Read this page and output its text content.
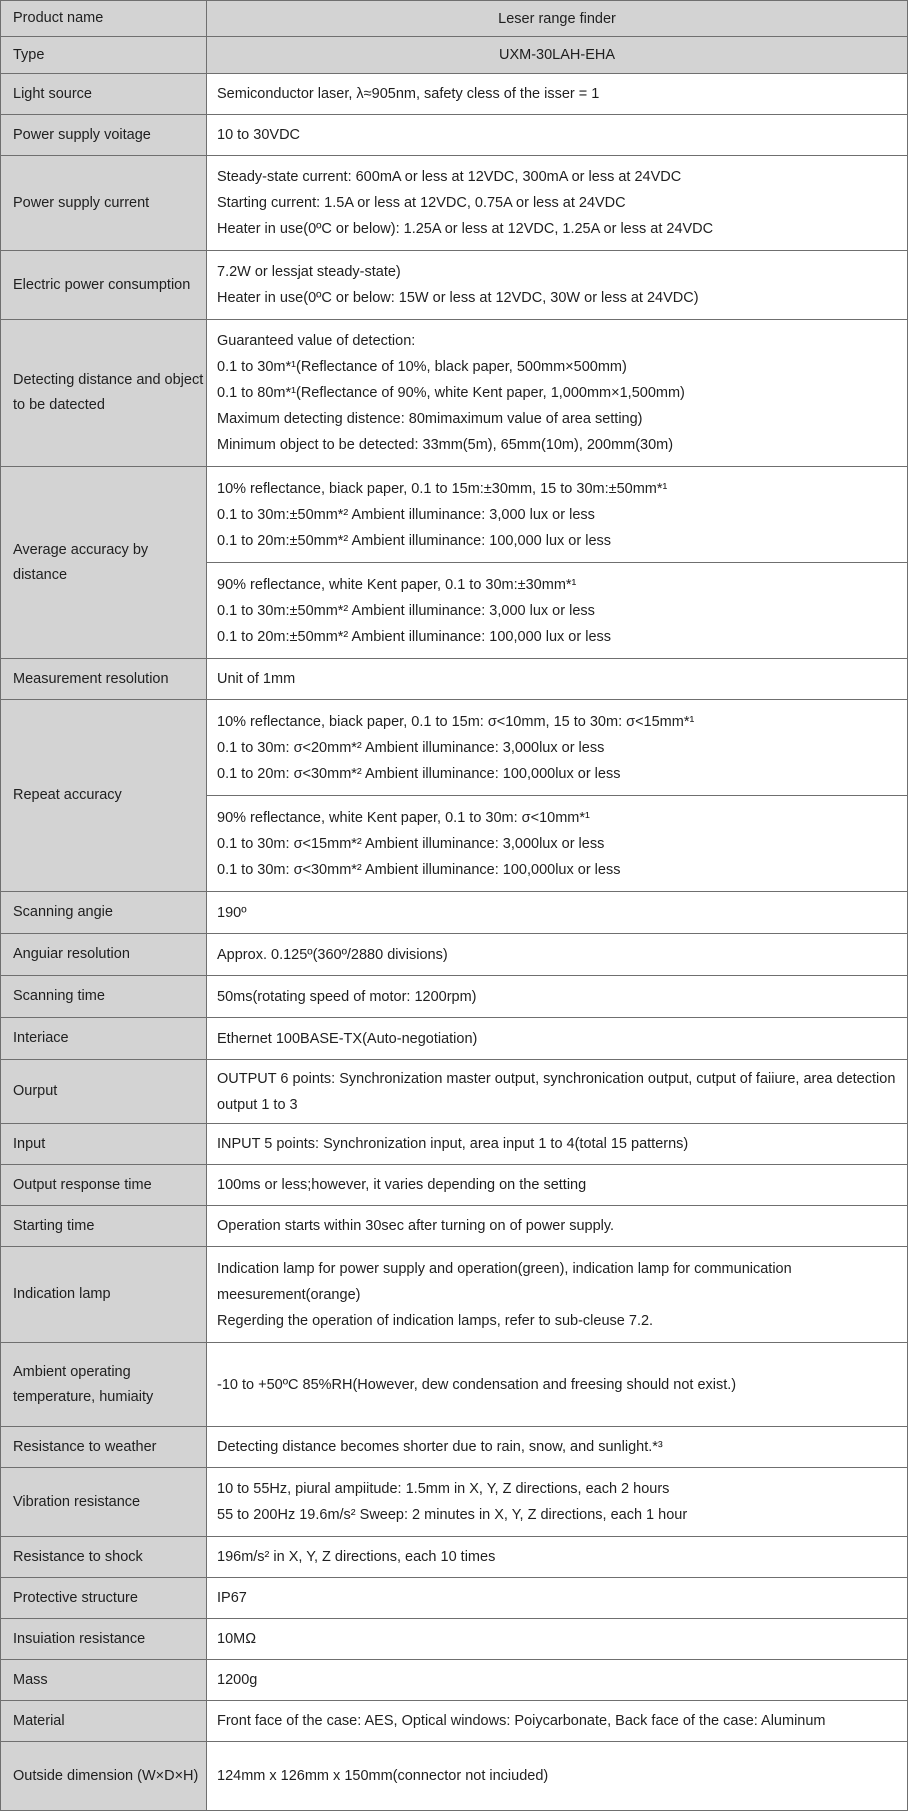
Product name	Leser range finder

Type	UXM-30LAH-EHA

Light source	Semiconductor laser, λ≈905nm, safety cless of the isser = 1

Power supply voitage	10 to 30VDC

Power supply current	Steady-state current: 600mA or less at 12VDC, 300mA or less at 24VDC
Starting current: 1.5A or less at 12VDC, 0.75A or less at 24VDC
Heater in use(0ºC or below): 1.25A or less at 12VDC, 1.25A or less at 24VDC

Electric power consumption	7.2W or lessjat steady-state)
Heater in use(0ºC or below: 15W or less at 12VDC, 30W or less at 24VDC)

Detecting distance and object to be datected	Guaranteed value of detection:
0.1 to 30m*¹(Reflectance of 10%, black paper, 500mm×500mm)
0.1 to 80m*¹(Reflectance of 90%, white Kent paper, 1,000mm×1,500mm)
Maximum detecting distence: 80mimaximum value of area setting)
Minimum object to be detected: 33mm(5m), 65mm(10m), 200mm(30m)

Average accuracy by distance	10% reflectance, biack paper, 0.1 to 15m:±30mm, 15 to 30m:±50mm*¹
0.1 to 30m:±50mm*² Ambient illuminance: 3,000 lux or less
0.1 to 20m:±50mm*² Ambient illuminance: 100,000 lux or less

	90% reflectance, white Kent paper, 0.1 to 30m:±30mm*¹
0.1 to 30m:±50mm*² Ambient illuminance: 3,000 lux or less
0.1 to 20m:±50mm*² Ambient illuminance: 100,000 lux or less

Measurement resolution	Unit of 1mm

Repeat accuracy	10% reflectance, biack paper, 0.1 to 15m: σ<10mm, 15 to 30m: σ<15mm*¹
0.1 to 30m: σ<20mm*² Ambient illuminance: 3,000lux or less
0.1 to 20m: σ<30mm*² Ambient illuminance: 100,000lux or less

	90% reflectance, white Kent paper, 0.1 to 30m: σ<10mm*¹
0.1 to 30m: σ<15mm*² Ambient illuminance: 3,000lux or less
0.1 to 30m: σ<30mm*² Ambient illuminance: 100,000lux or less

Scanning angie	190º

Anguiar resolution	Approx. 0.125º(360º/2880 divisions)

Scanning time	50ms(rotating speed of motor: 1200rpm)

Interiace	Ethernet 100BASE-TX(Auto-negotiation)

Ourput	OUTPUT 6 points: Synchronization master output, synchronication output, cutput of faiiure, area detection output 1 to 3

Input	INPUT 5 points: Synchronization input, area input 1 to 4(total 15 patterns)

Output response time	100ms or less;however, it varies depending on the setting

Starting time	Operation starts within 30sec after turning on of power supply.

Indication lamp	Indication lamp for power supply and operation(green), indication lamp for communication
meesurement(orange)
Regerding the operation of indication lamps, refer to sub-cleuse 7.2.

Ambient operating temperature, humiaity	-10 to +50ºC 85%RH(However, dew condensation and freesing should not exist.)

Resistance to weather	Detecting distance becomes shorter due to rain, snow, and sunlight.*³

Vibration resistance	10 to 55Hz, piural ampiitude: 1.5mm in X, Y, Z directions, each 2 hours
55 to 200Hz 19.6m/s² Sweep: 2 minutes in X, Y, Z directions, each 1 hour

Resistance to shock	196m/s² in X, Y, Z directions, each 10 times

Protective structure	IP67

Insuiation resistance	10MΩ

Mass	1200g

Material	Front face of the case: AES, Optical windows: Poiycarbonate, Back face of the case: Aluminum

Outside dimension (W×D×H)	124mm x 126mm x 150mm(connector not inciuded)
